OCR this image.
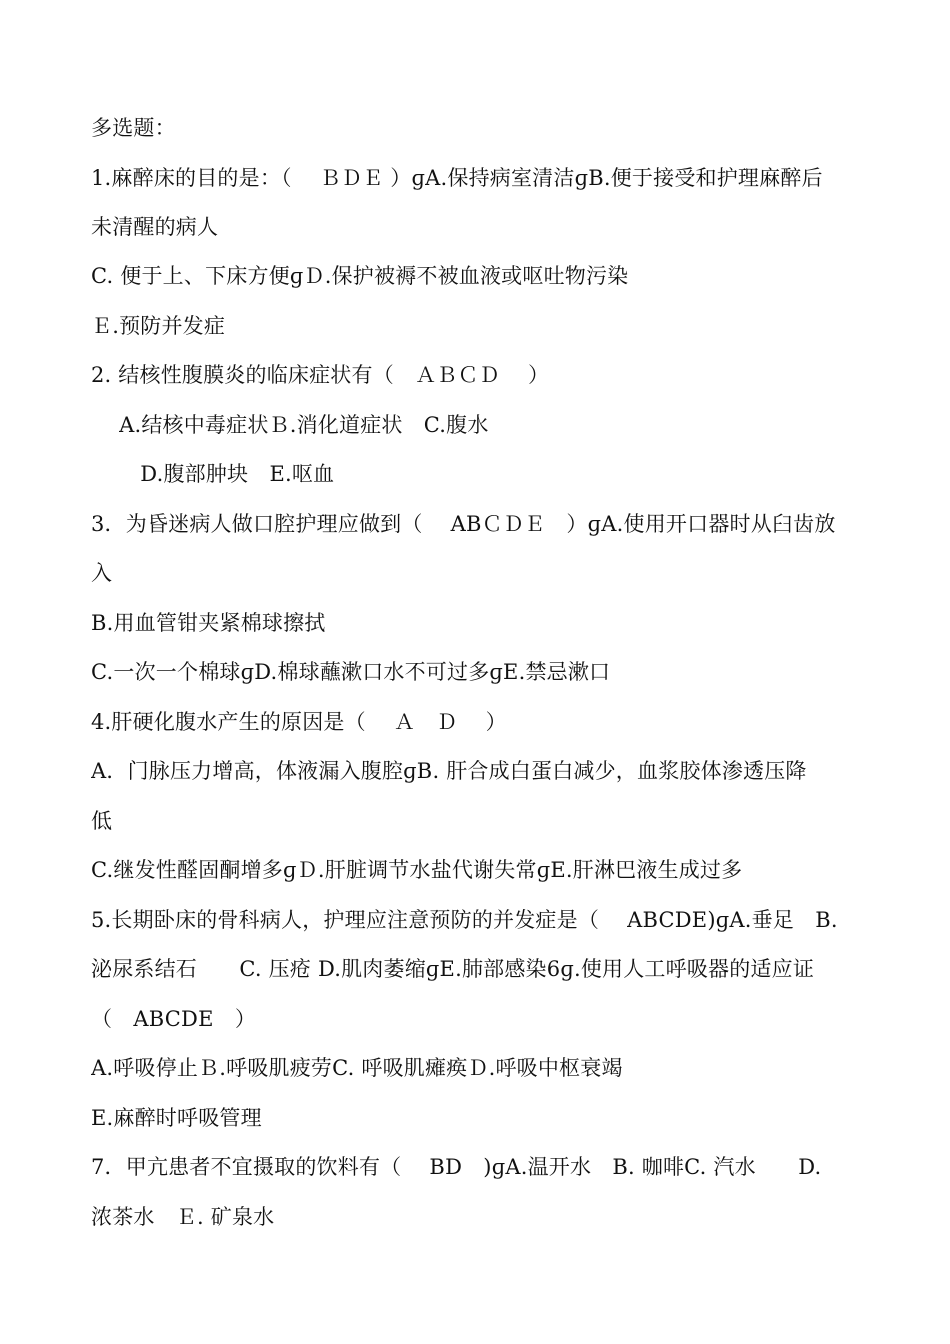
多选题：
1.麻醉床的目的是：（　 ＢＤＥ ）ɡA.保持病室清洁ɡB.便于接受和护理麻醉后
未清醒的病人
C. 便于上、下床方便ɡＤ.保护被褥不被血液或呕吐物污染
Ｅ.预防并发症
2. 结核性腹膜炎的临床症状有（　ＡＢＣＤ　 ）
　 A.结核中毒症状Ｂ.消化道症状　C.腹水
　　 D.腹部肿块　E.呕血
3．为昏迷病人做口腔护理应做到（　 ABＣＤＥ　）ɡA.使用开口器时从臼齿放
入
B.用血管钳夹紧棉球擦拭
C.一次一个棉球ɡD.棉球蘸漱口水不可过多ɡE.禁忌漱口
4.肝硬化腹水产生的原因是（　 Ａ　Ｄ　 ）
A．门脉压力增高，体液漏入腹腔ɡB. 肝合成白蛋白减少，血浆胶体渗透压降
低
C.继发性醛固酮增多ɡＤ.肝脏调节水盐代谢失常ɡE.肝淋巴液生成过多
5.长期卧床的骨科病人，护理应注意预防的并发症是（　 ABCDE)ɡA.垂足　B.
泌尿系结石　　C. 压疮 D.肌肉萎缩ɡE.肺部感染6ɡ.使用人工呼吸器的适应证
（　ABCDE　）
A.呼吸停止Ｂ.呼吸肌疲劳C. 呼吸肌瘫痪Ｄ.呼吸中枢衰竭
E.麻醉时呼吸管理
7．甲亢患者不宜摄取的饮料有（　 BD　)ɡA.温开水　B. 咖啡C. 汽水　　D.
浓茶水　Ｅ. 矿泉水
